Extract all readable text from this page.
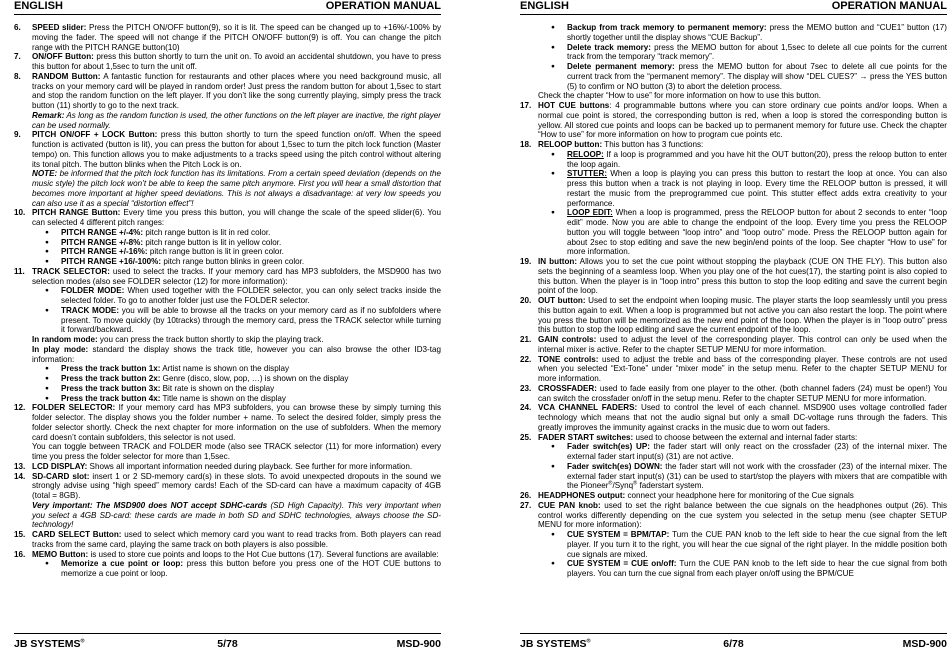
ENGLISH	OPERATION MANUAL
6. SPEED slider: Press the PITCH ON/OFF button(9), so it is lit. The speed can be changed up to +16%/-100% by moving the fader. The speed will not change if the PITCH ON/OFF button(9) is off. You can change the pitch range with the PITCH RANGE button(10)
7. ON/OFF Button: press this button shortly to turn the unit on. To avoid an accidental shutdown, you have to press this button for about 1,5sec to turn the unit off.
8. RANDOM Button: A fantastic function for restaurants and other places where you need background music, all tracks on your memory card will be played in random order! Just press the random button for about 1,5sec to start and stop the random function on the left player. If you don’t like the song currently playing, simply press the track button (11) shortly to go to the next track.
Remark: As long as the random function is used, the other functions on the left player are inactive, the right player can be used normally.
9. PITCH ON/OFF + LOCK Button: press this button shortly to turn the speed function on/off. When the speed function is activated (button is lit), you can press the button for about 1,5sec to turn the pitch lock function (Master tempo) on. This function allows you to make adjustments to a tracks speed using the pitch control without altering its tonal pitch. The button blinks when the Pitch Lock is on.
NOTE: be informed that the pitch lock function has its limitations. From a certain speed deviation (depends on the music style) the pitch lock won’t be able to keep the same pitch anymore. First you will hear a small distortion that becomes more important at higher speed deviations. This is not always a disadvantage: at very low speeds you can also use it as a special “distortion effect”!
10. PITCH RANGE Button: Every time you press this button, you will change the scale of the speed slider(6). You can selected 4 different pitch ranges:
● PITCH RANGE +/-4%: pitch range button is lit in red color.
● PITCH RANGE +/-8%: pitch range button is lit in yellow color.
● PITCH RANGE +/-16%: pitch range button is lit in green color.
● PITCH RANGE +16/-100%: pitch range button blinks in green color.
11. TRACK SELECTOR: used to select the tracks. If your memory card has MP3 subfolders, the MSD900 has two selection modes (also see FOLDER selector (12) for more information):
● FOLDER MODE: When used together with the FOLDER selector, you can only select tracks inside the selected folder. To go to another folder just use the FOLDER selector.
● TRACK MODE: you will be able to browse all the tracks on your memory card as if no subfolders where present. To move quickly (by 10tracks) through the memory card, press the TRACK selector while turning it forward/backward.
In random mode: you can press the track button shortly to skip the playing track.
In play mode: standard the display shows the track title, however you can also browse the other ID3-tag information:
● Press the track button 1x: Artist name is shown on the display
● Press the track button 2x: Genre (disco, slow, pop, …) is shown on the display
● Press the track button 3x: Bit rate is shown on the display
● Press the track button 4x: Title name is shown on the display
12. FOLDER SELECTOR: If your memory card has MP3 subfolders, you can browse these by simply turning this folder selector. The display shows you the folder number + name. To select the desired folder, simply press the folder selector shortly. Check the next chapter for more information on the use of subfolders. When the memory card doesn’t contain subfolders, this selector is not used.
You can toggle between TRACK and FOLDER mode (also see TRACK selector (11) for more information) every time you press the folder selector for more than 1,5sec.
13. LCD DISPLAY: Shows all important information needed during playback. See further for more information.
14. SD-CARD slot: insert 1 or 2 SD-memory card(s) in these slots. To avoid unexpected dropouts in the sound we strongly advise using “high speed” memory cards! Each of the SD-card can have a maximum capacity of 4GB (total = 8GB).
Very important: The MSD900 does NOT accept SDHC-cards (SD High Capacity). This very important when you select a 4GB SD-card: these cards are made in both SD and SDHC technologies, always choose the SD-technology!
15. CARD SELECT Button: used to select which memory card you want to read tracks from. Both players can read tracks from the same card, playing the same track on both players is also possible.
16. MEMO Button: is used to store cue points and loops to the Hot Cue buttons (17). Several functions are available:
● Memorize a cue point or loop: press this button before you press one of the HOT CUE buttons to memorize a cue point or loop.
JB SYSTEMS®	5/78	MSD-900
ENGLISH	OPERATION MANUAL
● Backup from track memory to permanent memory: press the MEMO button and “CUE1” button (17) shortly together until the display shows “CUE Backup”.
● Delete track memory: press the MEMO button for about 1,5sec to delete all cue points for the current track from the temporary “track memory”.
● Delete permanent memory: press the MEMO button for about 7sec to delete all cue points for the current track from the “permanent memory”. The display will show “DEL CUES?” → press the YES button (5) to confirm or NO button (3) to abort the deletion process.
Check the chapter “How to use” for more information on how to use this button.
17. HOT CUE buttons: 4 programmable buttons where you can store ordinary cue points and/or loops. When a normal cue point is stored, the corresponding button is red, when a loop is stored the corresponding button is yellow. All stored cue points and loops can be backed up to permanent memory for future use. Check the chapter “How to use” for more information on how to program cue points etc.
18. RELOOP button: This button has 3 functions:
● RELOOP: If a loop is programmed and you have hit the OUT button(20), press the reloop button to enter the loop again.
● STUTTER: When a loop is playing you can press this button to restart the loop at once. You can also press this button when a track is not playing in loop. Every time the RELOOP button is pressed, it will restart the music from the preprogrammed cue point. This stutter effect adds extra creativity to your performance.
● LOOP EDIT: When a loop is programmed, press the RELOOP button for about 2 seconds to enter “loop edit” mode. Now you are able to change the endpoint of the loop. Every time you press the RELOOP button you will toggle between “loop intro” and “loop outro” mode. Press the RELOOP button again for about 2sec to stop editing and save the new begin/end points of the loop. See chapter “How to use” for more information.
19. IN button: Allows you to set the cue point without stopping the playback (CUE ON THE FLY). This button also sets the beginning of a seamless loop. When you play one of the hot cues(17), the starting point is also copied to this button. When the player is in “loop intro” press this button to stop the loop editing and save the current begin point of the loop.
20. OUT button: Used to set the endpoint when looping music. The player starts the loop seamlessly until you press this button again to exit. When a loop is programmed but not active you can also restart the loop. The point where you press the button will be memorized as the new end point of the loop. When the player is in “loop outro” press this button to stop the loop editing and save the current endpoint of the loop.
21. GAIN controls: used to adjust the level of the corresponding player. This control can only be used when the internal mixer is active. Refer to the chapter SETUP MENU for more information.
22. TONE controls: used to adjust the treble and bass of the corresponding player. These controls are not used when you selected “Ext-Tone” under “mixer mode” in the setup menu. Refer to the chapter SETUP MENU for more information.
23. CROSSFADER: used to fade easily from one player to the other. (both channel faders (24) must be open!) You can switch the crossfader on/off in the setup menu. Refer to the chapter SETUP MENU for more information.
24. VCA CHANNEL FADERS: Used to control the level of each channel. MSD900 uses voltage controlled fader technology which means that not the audio signal but only a small DC-voltage runs through the faders. This greatly improves the immunity against cracks in the music due to worn out faders.
25. FADER START switches: used to choose between the external and internal fader starts:
● Fader switch(es) UP: the fader start will only react on the crossfader (23) of the internal mixer. The external fader start input(s) (31) are not active.
● Fader switch(es) DOWN: the fader start will not work with the crossfader (23) of the internal mixer. The external fader start input(s) (31) can be used to start/stop the players with mixers that are compatible with the Pioneer®/Synq® faderstart system.
26. HEADPHONES output: connect your headphone here for monitoring of the Cue signals
27. CUE PAN knob: used to set the right balance between the cue signals on the headphones output (26). This control works differently depending on the cue system you selected in the setup menu (see chapter SETUP MENU for more information):
● CUE SYSTEM = BPM/TAP: Turn the CUE PAN knob to the left side to hear the cue signal from the left player. If you turn it to the right, you will hear the cue signal of the right player. In the middle position both cue signals are mixed.
● CUE SYSTEM = CUE on/off: Turn the CUE PAN knob to the left side to hear the cue signal from both players. You can turn the cue signal from each player on/off using the BPM/CUE
JB SYSTEMS®	6/78	MSD-900
